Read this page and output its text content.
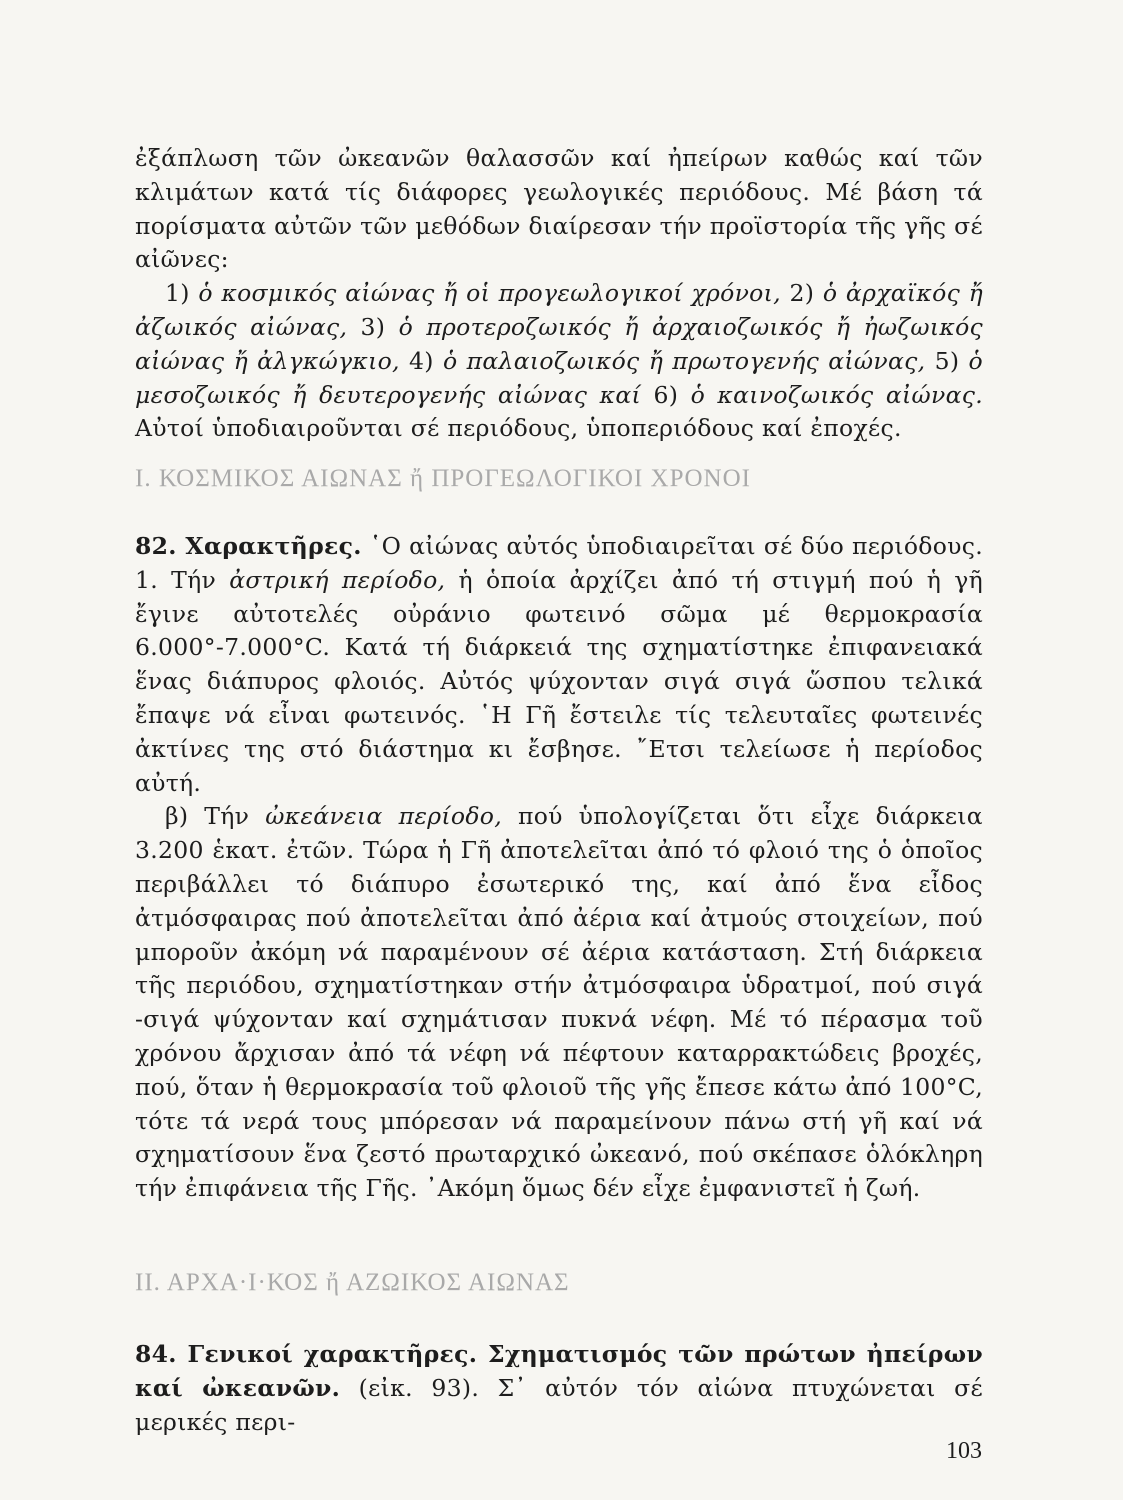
ἐξάπλωση τῶν ὠκεανῶν θαλασσῶν καί ἠπείρων καθώς καί τῶν κλιμάτων κατά τίς διάφορες γεωλογικές περιόδους. Μέ βάση τά πορίσματα αὐτῶν τῶν μεθόδων διαίρεσαν τήν προϊστορία τῆς γῆς σέ αἰῶνες:

1) ὁ κοσμικός αἰώνας ἤ οἱ προγεωλογικοί χρόνοι, 2) ὁ ἀρχαϊκός ἤ ἀζωικός αἰώνας, 3) ὁ προτεροζωικός ἤ ἀρχαιοζωικός ἤ ἠωζωικός αἰώνας ἤ ἀλγκώγκιο, 4) ὁ παλαιοζωικός ἤ πρωτογενής αἰώνας, 5) ὁ μεσοζωικός ἤ δευτερογενής αἰώνας καί 6) ὁ καινοζωικός αἰώνας. Αὐτοί ὑποδιαιροῦνται σέ περιόδους, ὑποπεριόδους καί ἐποχές.

Ι. ΚΟΣΜΙΚΟΣ ΑΙΩΝΑΣ ἤ ΠΡΟΓΕΩΛΟΓΙΚΟΙ ΧΡΟΝΟΙ

82. Χαρακτῆρες. ῾Ο αἰώνας αὐτός ὑποδιαιρεῖται σέ δύο περιόδους. 1. Τήν ἀστρική περίοδο, ἡ ὁποία ἀρχίζει ἀπό τή στιγμή πού ἡ γῆ ἔγινε αὐτοτελές οὐράνιο φωτεινό σῶμα μέ θερμοκρασία 6.000°-7.000°C. Κατά τή διάρκειά της σχηματίστηκε ἐπιφανειακά ἕνας διάπυρος φλοιός. Αὐτός ψύχονταν σιγά σιγά ὥσπου τελικά ἔπαψε νά εἶναι φωτεινός. ῾Η Γῆ ἔστειλε τίς τελευταῖες φωτεινές ἀκτίνες της στό διάστημα κι ἔσβησε. ῎Ετσι τελείωσε ἡ περίοδος αὐτή.

β) Τήν ὠκεάνεια περίοδο, πού ὑπολογίζεται ὅτι εἶχε διάρκεια 3.200 ἑκατ. ἐτῶν. Τώρα ἡ Γῆ ἀποτελεῖται ἀπό τό φλοιό της ὁ ὁποῖος περιβάλλει τό διάπυρο ἐσωτερικό της, καί ἀπό ἕνα εἶδος ἀτμόσφαιρας πού ἀποτελεῖται ἀπό ἀέρια καί ἀτμούς στοιχείων, πού μποροῦν ἀκόμη νά παραμένουν σέ ἀέρια κατάσταση. Στή διάρκεια τῆς περιόδου, σχηματίστηκαν στήν ἀτμόσφαιρα ὑδρατμοί, πού σιγά -σιγά ψύχονταν καί σχημάτισαν πυκνά νέφη. Μέ τό πέρασμα τοῦ χρόνου ἄρχισαν ἀπό τά νέφη νά πέφτουν καταρρακτώδεις βροχές, πού, ὅταν ἡ θερμοκρασία τοῦ φλοιοῦ τῆς γῆς ἔπεσε κάτω ἀπό 100°C, τότε τά νερά τους μπόρεσαν νά παραμείνουν πάνω στή γῆ καί νά σχηματίσουν ἕνα ζεστό πρωταρχικό ὠκεανό, πού σκέπασε ὁλόκληρη τήν ἐπιφάνεια τῆς Γῆς. ᾿Ακόμη ὅμως δέν εἶχε ἐμφανιστεῖ ἡ ζωή.

ΙΙ. ΑΡΧΑ·Ι·ΚΟΣ ἤ ΑΖΩΙΚΟΣ ΑΙΩΝΑΣ

84. Γενικοί χαρακτῆρες. Σχηματισμός τῶν πρώτων ἠπείρων καί ὠκεανῶν. (εἰκ. 93). Σ᾿ αὐτόν τόν αἰώνα πτυχώνεται σέ μερικές περι-

103
